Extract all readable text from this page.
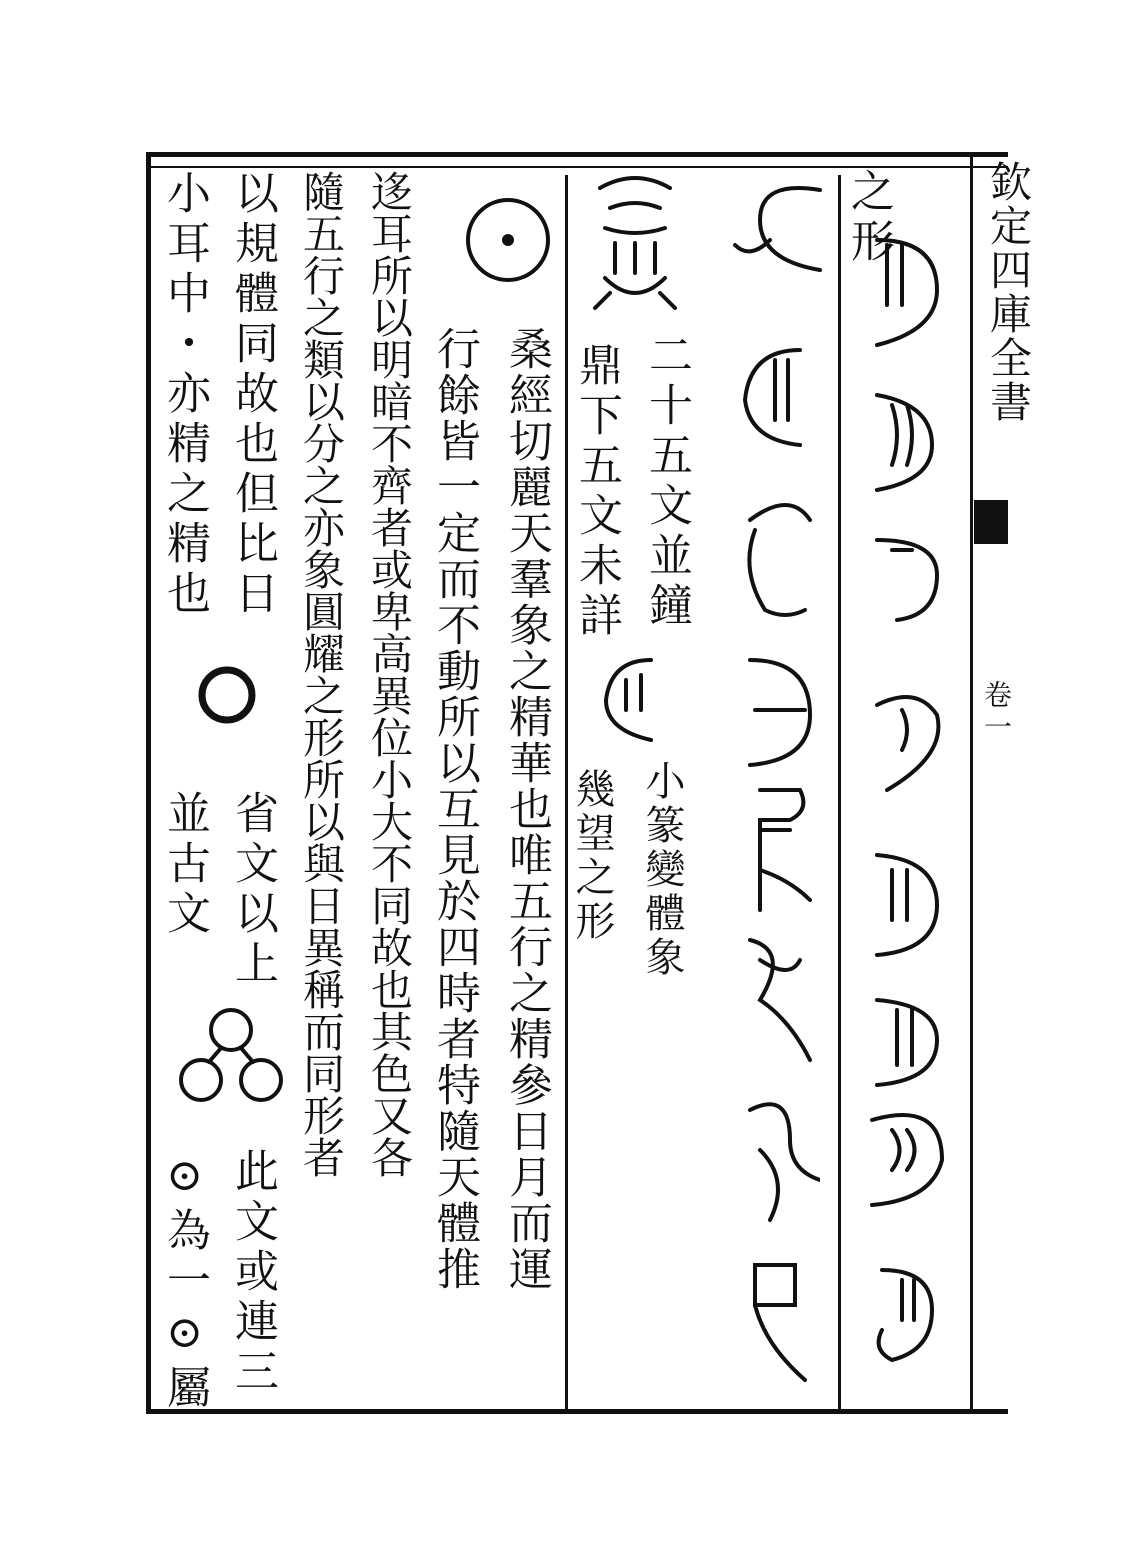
欽定四庫全書
卷一
之形
二十五文並鐘
鼎下五文未詳
桑經切麗天羣象之精華也唯五行之精參日月而運
行餘皆一定而不動所以互見於四時者特隨天體推	小篆變體象
幾望之形
迻耳所以明暗不齊者或卑高異位小大不同故也其色又各
隨五行之類以分之亦象圓耀之形所以與日異稱而同形者
以規體同故也但比日
小耳中・亦精之精也
省文以上
並古文
此文或連三
⊙為一⊙屬
